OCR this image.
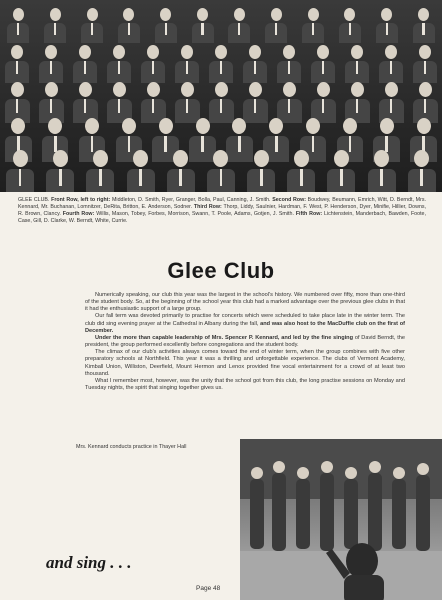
GLEE CLUB. Front Row, left to right: Middleton, D. Smith, Ryer, Granger, Bolla, Paul, Canning, J. Smith. Second Row: Boudwey, Beumann, Emrich, Witt, D. Berndt, Mrs. Kennard, Mr. Buchanan, Lomnitzer, DeRita, Britton, E. Anderson, Sodner. Third Row: Thorp, Liddy, Saulnier, Hardman, F. West, P. Henderson, Dyer, Minifie, Hillier, Downs, R. Brown, Clancy. Fourth Row: Willis, Mason, Tobey, Forbes, Morrison, Swann, T. Poole, Adams, Gotjen, J. Smith. Fifth Row: Lichtenstein, Manderbach, Bawden, Foote, Case, Gill, D. Clarke, W. Berndt, White, Currie.
Glee Club

Numerically speaking, our club this year was the largest in the school's history. We numbered over fifty, more than one-third of the student body. So, at the beginning of the school year this club had a marked advantage over the previous glee clubs in that it had the enthusiastic support of a large group.

Our fall term was devoted primarily to practise for concerts which were scheduled to take place late in the winter term. The club did sing evening prayer at the Cathedral in Albany during the fall, and was also host to the MacDuffie club on the first of December.

Under the more than capable leadership of Mrs. Spencer P. Kennard, and led by the fine singing of David Berndt, the president, the group performed excellently before congregations and the student body.

The climax of our club's activities always comes toward the end of winter term, when the group combines with five other preparatory schools at Northfield. This year it was a thrilling and unforgettable experience. The clubs of Vermont Academy, Kimball Union, Williston, Deerfield, Mount Hermon and Lenox provided fine vocal entertainment for a crowd of at least two thousand.

What I remember most, however, was the unity that the school got from this club, the long practise sessions on Monday and Tuesday nights, the spirit that singing together gives us.

Mrs. Kennard conducts practice in Thayer Hall
and sing . . .
Page 48
